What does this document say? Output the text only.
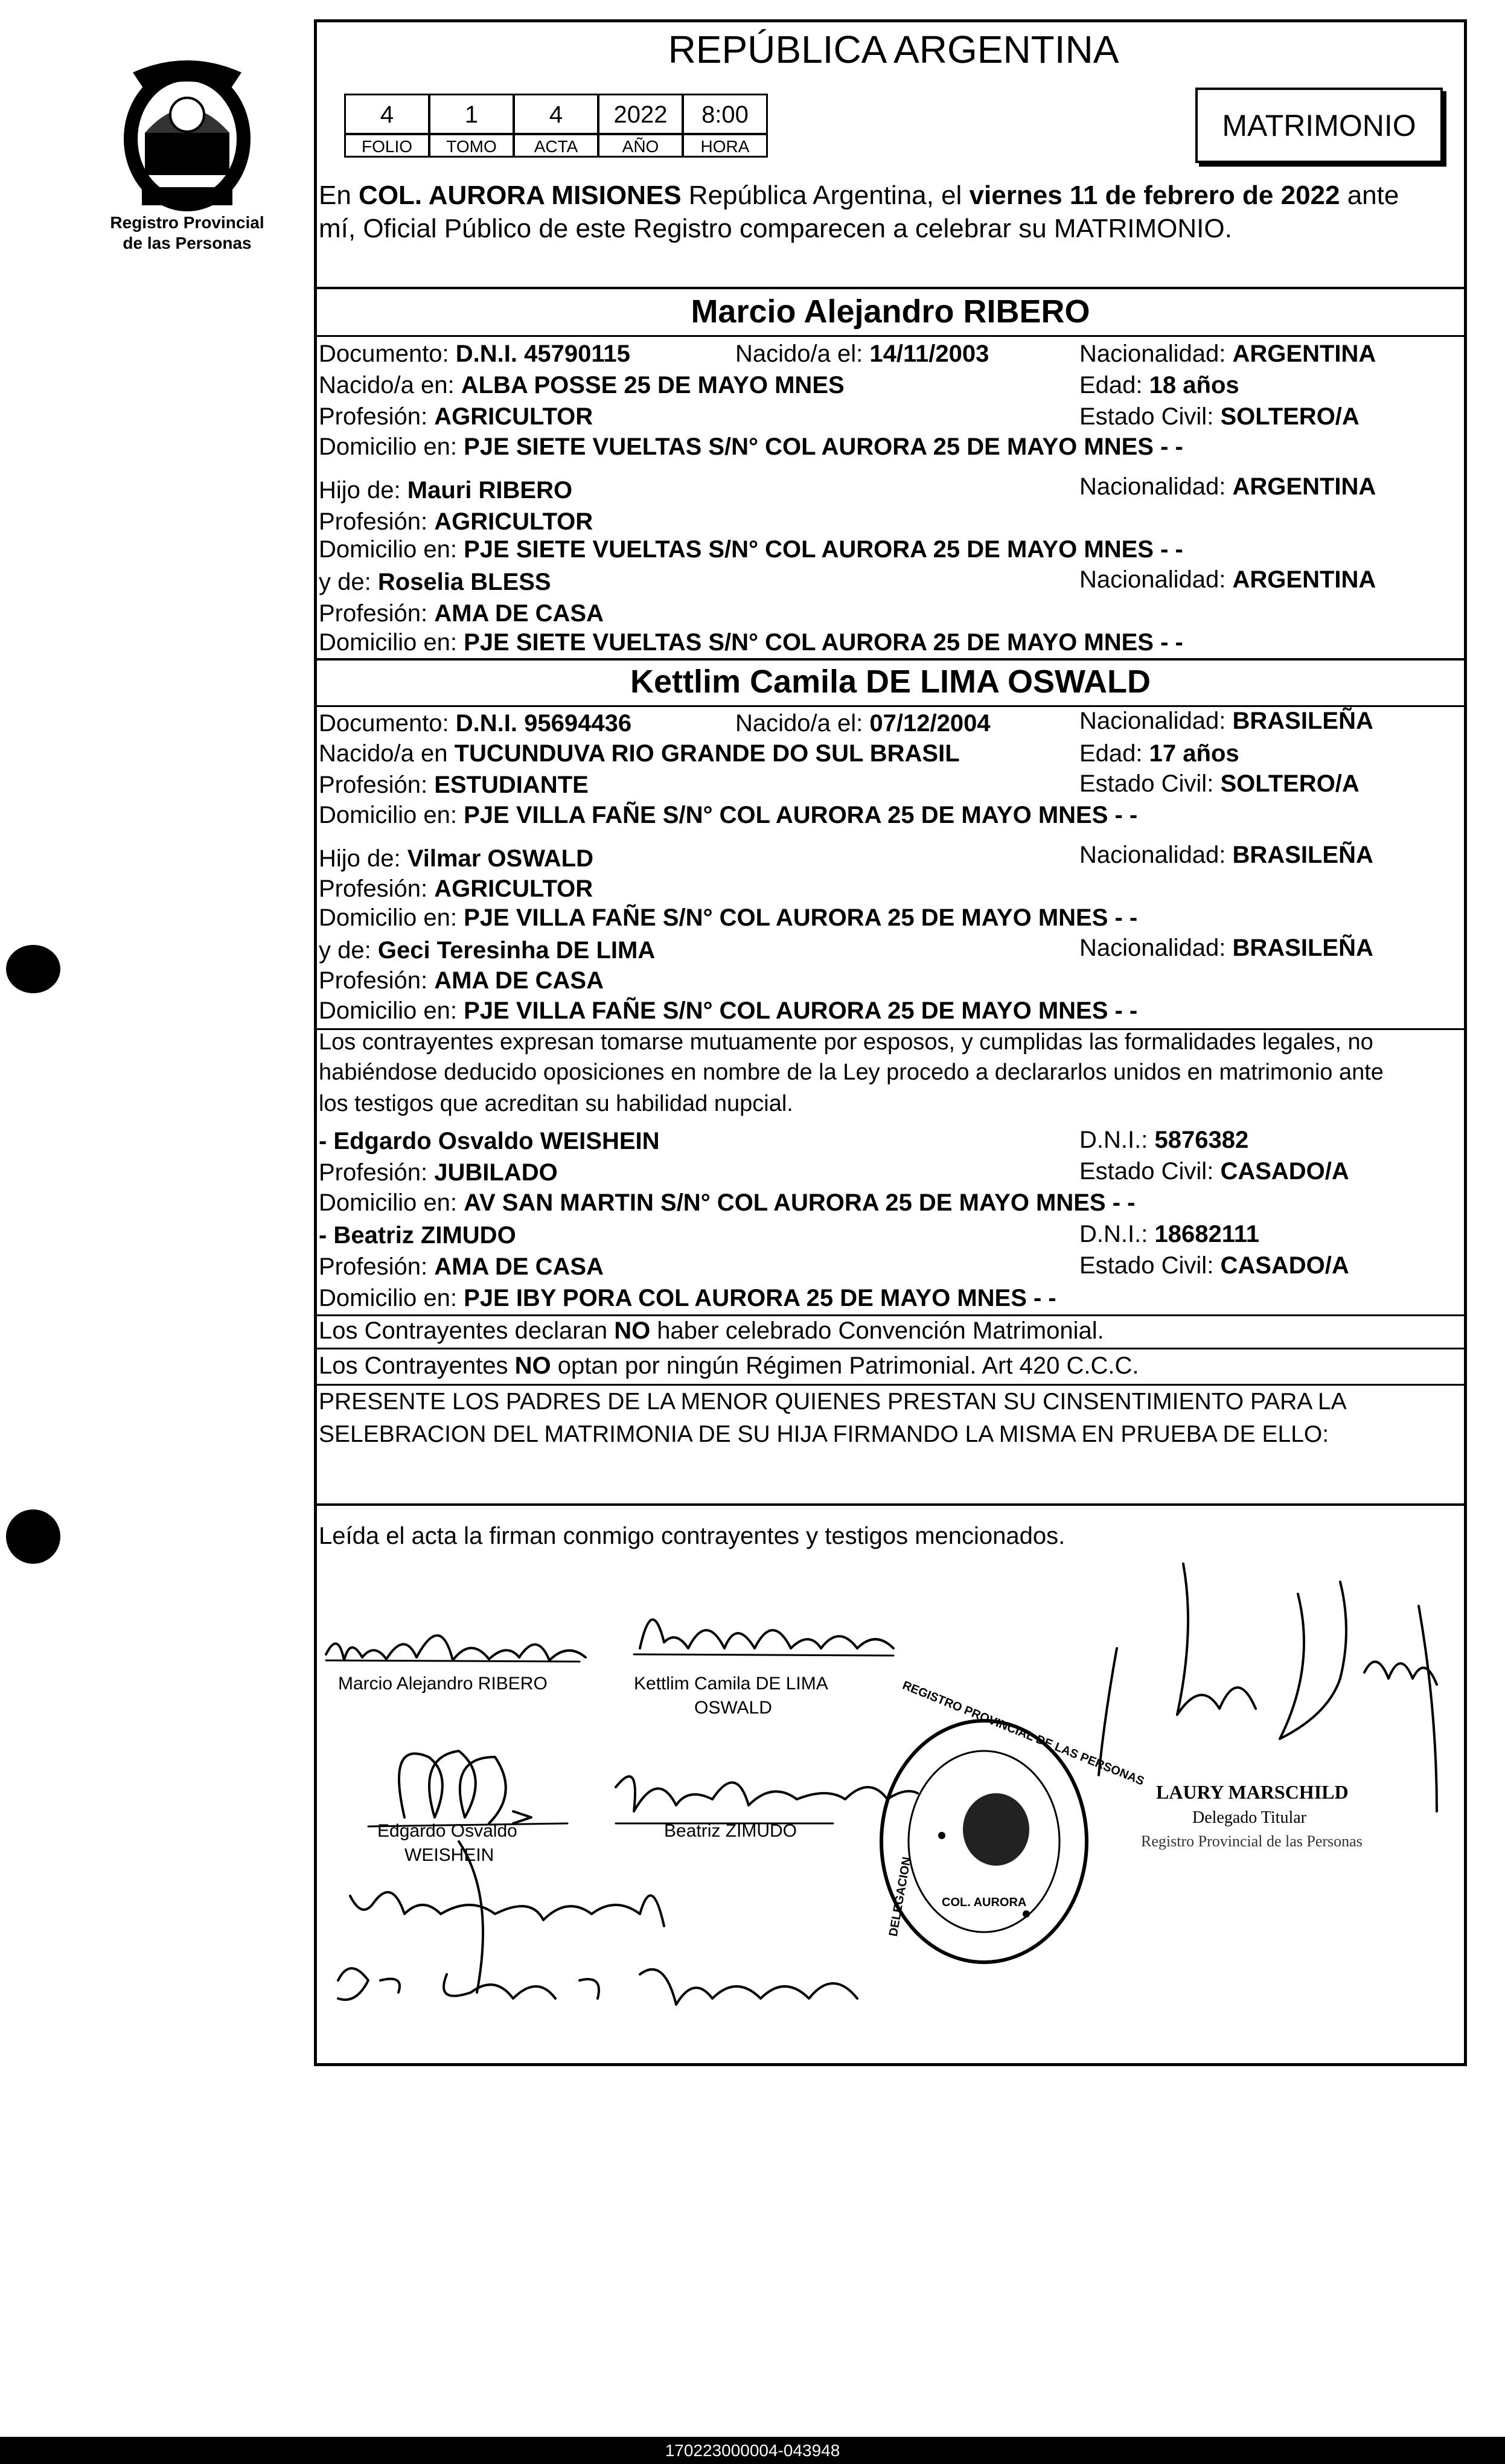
Registro Provincial
de las Personas
REPÚBLICA ARGENTINA
4	1	4	2022	8:00
FOLIO	TOMO	ACTA	AÑO	HORA
MATRIMONIO
En COL. AURORA MISIONES República Argentina, el viernes 11 de febrero de 2022 ante
mí, Oficial Público de este Registro comparecen a celebrar su MATRIMONIO.
Marcio Alejandro RIBERO
Documento: D.N.I. 45790115	Nacido/a el: 14/11/2003	Nacionalidad: ARGENTINA
Nacido/a en: ALBA POSSE 25 DE MAYO MNES	Edad: 18 años
Profesión: AGRICULTOR	Estado Civil: SOLTERO/A
Domicilio en: PJE SIETE VUELTAS S/N° COL AURORA 25 DE MAYO MNES - -
Hijo de: Mauri RIBERO	Nacionalidad: ARGENTINA
Profesión: AGRICULTOR
Domicilio en: PJE SIETE VUELTAS S/N° COL AURORA 25 DE MAYO MNES - -
y de: Roselia BLESS	Nacionalidad: ARGENTINA
Profesión: AMA DE CASA
Domicilio en: PJE SIETE VUELTAS S/N° COL AURORA 25 DE MAYO MNES - -
Kettlim Camila DE LIMA OSWALD
Documento: D.N.I. 95694436	Nacido/a el: 07/12/2004	Nacionalidad: BRASILEÑA
Nacido/a en TUCUNDUVA RIO GRANDE DO SUL BRASIL	Edad: 17 años
Profesión: ESTUDIANTE	Estado Civil: SOLTERO/A
Domicilio en: PJE VILLA FAÑE S/N° COL AURORA 25 DE MAYO MNES - -
Hijo de: Vilmar OSWALD	Nacionalidad: BRASILEÑA
Profesión: AGRICULTOR
Domicilio en: PJE VILLA FAÑE S/N° COL AURORA 25 DE MAYO MNES - -
y de: Geci Teresinha DE LIMA	Nacionalidad: BRASILEÑA
Profesión: AMA DE CASA
Domicilio en: PJE VILLA FAÑE S/N° COL AURORA 25 DE MAYO MNES - -
Los contrayentes expresan tomarse mutuamente por esposos, y cumplidas las formalidades legales, no
habiéndose deducido oposiciones en nombre de la Ley procedo a declararlos unidos en matrimonio ante
los testigos que acreditan su habilidad nupcial.
- Edgardo Osvaldo WEISHEIN	D.N.I.: 5876382
Profesión: JUBILADO	Estado Civil: CASADO/A
Domicilio en: AV SAN MARTIN S/N° COL AURORA 25 DE MAYO MNES - -
- Beatriz ZIMUDO	D.N.I.: 18682111
Profesión: AMA DE CASA	Estado Civil: CASADO/A
Domicilio en: PJE IBY PORA COL AURORA 25 DE MAYO MNES - -
Los Contrayentes declaran NO haber celebrado Convención Matrimonial.
Los Contrayentes NO optan por ningún Régimen Patrimonial. Art 420 C.C.C.
PRESENTE LOS PADRES DE LA MENOR QUIENES PRESTAN SU CINSENTIMIENTO PARA LA
SELEBRACION DEL MATRIMONIA DE SU HIJA FIRMANDO LA MISMA EN PRUEBA DE ELLO:
Leída el acta la firman conmigo contrayentes y testigos mencionados.
Marcio Alejandro RIBERO	Kettlim Camila DE LIMA
OSWALD
Edgardo Osvaldo
WEISHEIN
Beatriz ZIMUDO
LAURY MARSCHILD
Delegado Titular
Registro Provincial de las Personas
REGISTRO PROVINCIAL DE LAS PERSONAS
COL. AURORA
DELEGACION
170223000004-043948
